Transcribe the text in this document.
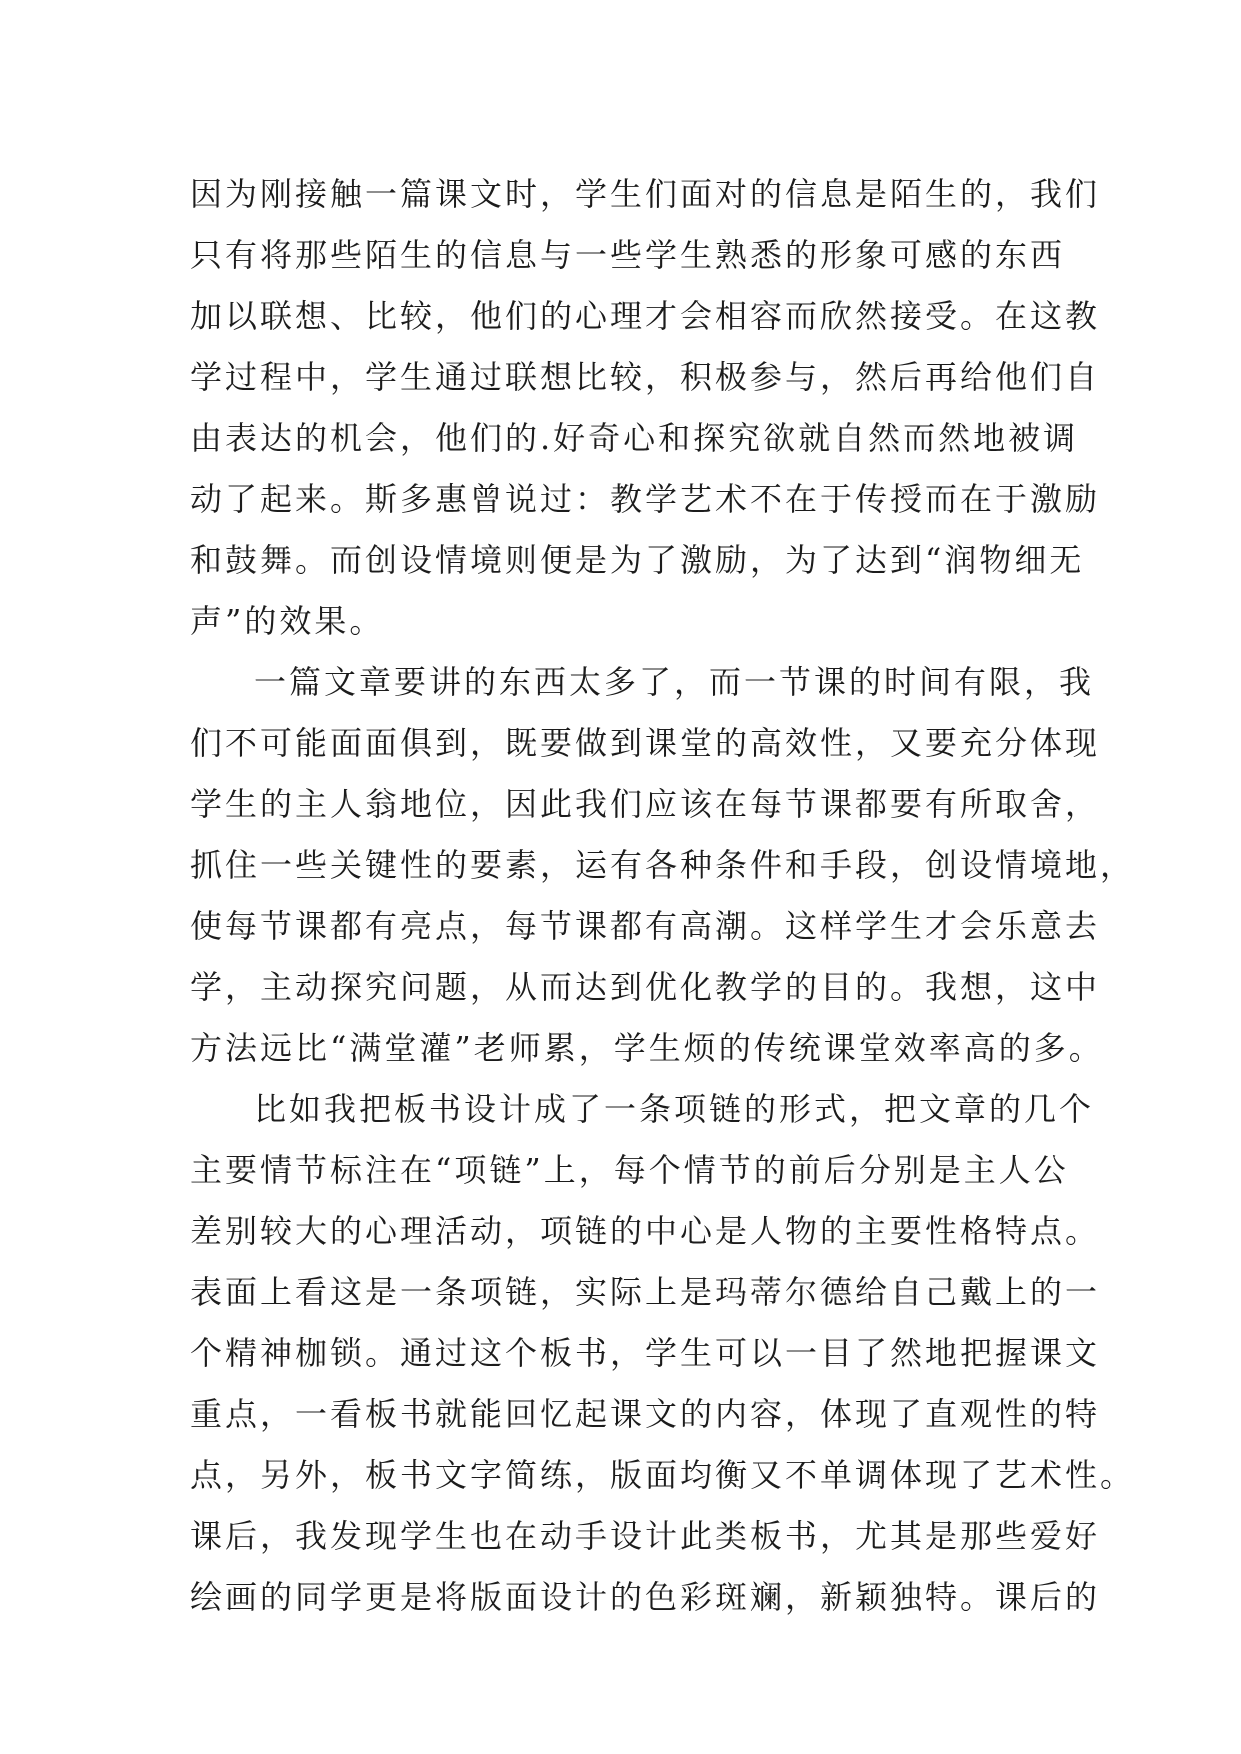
因为刚接触一篇课文时，学生们面对的信息是陌生的，我们
只有将那些陌生的信息与一些学生熟悉的形象可感的东西
加以联想、比较，他们的心理才会相容而欣然接受。在这教
学过程中，学生通过联想比较，积极参与，然后再给他们自
由表达的机会，他们的.好奇心和探究欲就自然而然地被调
动了起来。斯多惠曾说过：教学艺术不在于传授而在于激励
和鼓舞。而创设情境则便是为了激励，为了达到“润物细无
声”的效果。
一篇文章要讲的东西太多了，而一节课的时间有限，我
们不可能面面俱到，既要做到课堂的高效性，又要充分体现
学生的主人翁地位，因此我们应该在每节课都要有所取舍，
抓住一些关键性的要素，运有各种条件和手段，创设情境地，
使每节课都有亮点，每节课都有高潮。这样学生才会乐意去
学，主动探究问题，从而达到优化教学的目的。我想，这中
方法远比“满堂灌”老师累，学生烦的传统课堂效率高的多。
比如我把板书设计成了一条项链的形式，把文章的几个
主要情节标注在“项链”上，每个情节的前后分别是主人公
差别较大的心理活动，项链的中心是人物的主要性格特点。
表面上看这是一条项链，实际上是玛蒂尔德给自己戴上的一
个精神枷锁。通过这个板书，学生可以一目了然地把握课文
重点，一看板书就能回忆起课文的内容，体现了直观性的特
点，另外，板书文字简练，版面均衡又不单调体现了艺术性。
课后，我发现学生也在动手设计此类板书，尤其是那些爱好
绘画的同学更是将版面设计的色彩斑斓，新颖独特。课后的
